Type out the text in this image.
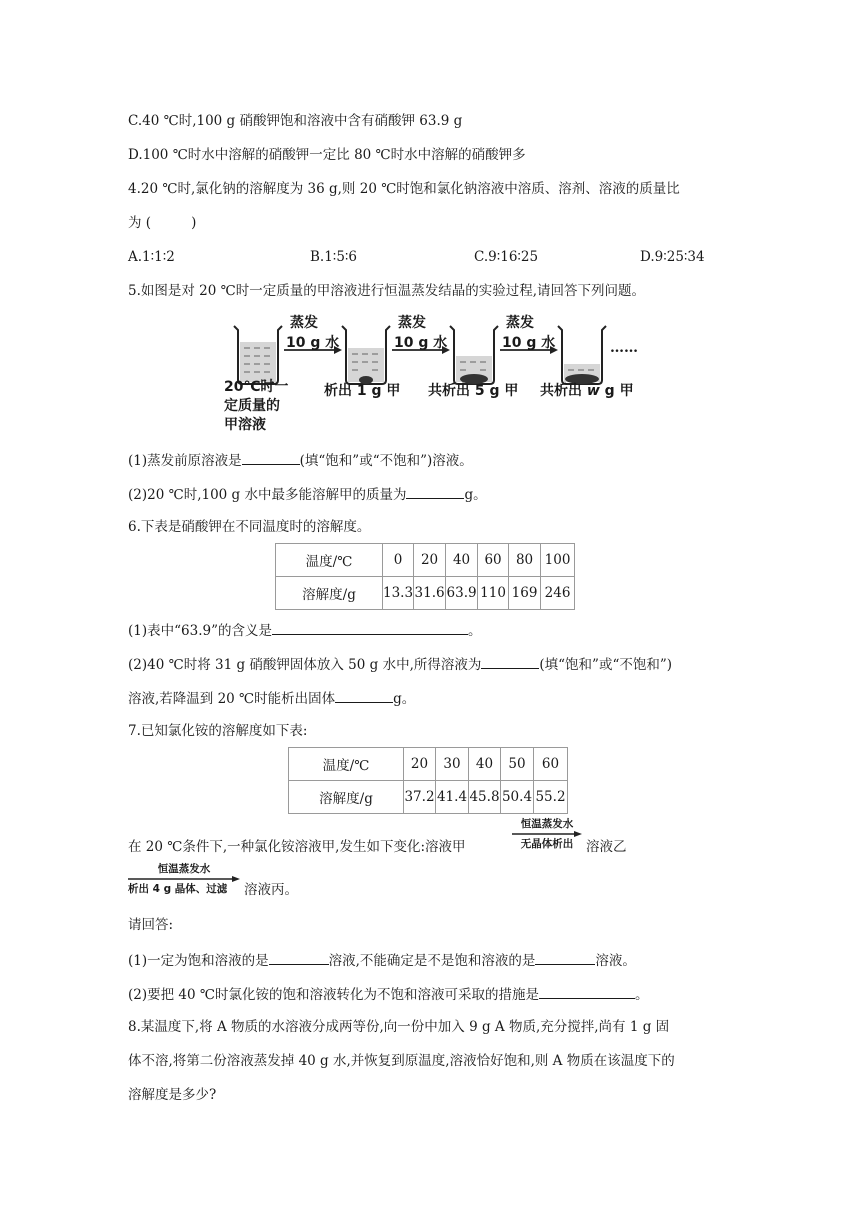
C.40 ℃时,100 g 硝酸钾饱和溶液中含有硝酸钾 63.9 g
D.100 ℃时水中溶解的硝酸钾一定比 80 ℃时水中溶解的硝酸钾多
4.20 ℃时,氯化钠的溶解度为 36 g,则 20 ℃时饱和氯化钠溶液中溶质、溶剂、溶液的质量比
为 (	)
A.1∶1∶2	B.1∶5∶6	C.9∶16∶25	D.9∶25∶34
5.如图是对 20 ℃时一定质量的甲溶液进行恒温蒸发结晶的实验过程,请回答下列问题。
蒸发
10 g 水
蒸发
10 g 水
蒸发
10 g 水	……
20℃时一
定质量的
甲溶液
析出 1 g 甲 共析出 5 g 甲 共析出 w g 甲
(1)蒸发前原溶液是	(填“饱和”或“不饱和”)溶液。
(2)20 ℃时,100 g 水中最多能溶解甲的质量为	g。
6.下表是硝酸钾在不同温度时的溶解度。
温度/℃	0	20	40	60	80	100
溶解度/g	13.3	31.6	63.9	110	169	246
(1)表中“63.9”的含义是	。
(2)40 ℃时将 31 g 硝酸钾固体放入 50 g 水中,所得溶液为	(填“饱和”或“不饱和”)
溶液,若降温到 20 ℃时能析出固体	g。
7.已知氯化铵的溶解度如下表:
温度/℃	20	30	40	50	60
溶解度/g	37.2	41.4	45.8	50.4	55.2
在 20 ℃条件下,一种氯化铵溶液甲,发生如下变化:溶液甲
恒温蒸发水
无晶体析出 溶液乙
恒温蒸发水
析出 4 g 晶体、过滤	溶液丙。
请回答:
(1)一定为饱和溶液的是	溶液,不能确定是不是饱和溶液的是	溶液。
(2)要把 40 ℃时氯化铵的饱和溶液转化为不饱和溶液可采取的措施是	。
8.某温度下,将 A 物质的水溶液分成两等份,向一份中加入 9 g A 物质,充分搅拌,尚有 1 g 固
体不溶,将第二份溶液蒸发掉 40 g 水,并恢复到原温度,溶液恰好饱和,则 A 物质在该温度下的
溶解度是多少?
